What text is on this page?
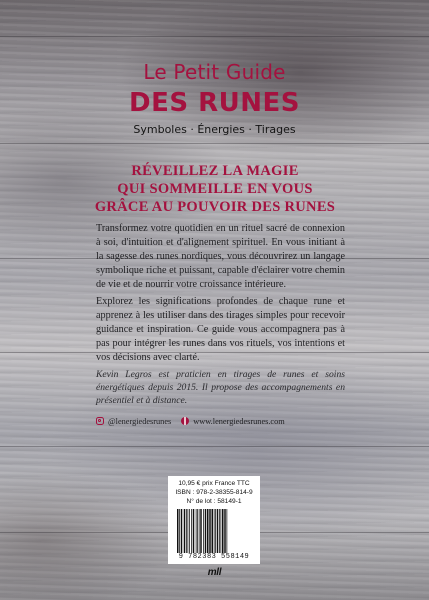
Le Petit Guide
DES RUNES
Symboles · Énergies · Tirages
RÉVEILLEZ LA MAGIE
QUI SOMMEILLE EN VOUS
GRÂCE AU POUVOIR DES RUNES

Transformez votre quotidien en un rituel sacré de connexion à soi, d'intuition et d'alignement spirituel. En vous initiant à la sagesse des runes nordiques, vous découvrirez un langage symbolique riche et puissant, capable d'éclairer votre chemin de vie et de nourrir votre croissance intérieure.

Explorez les significations profondes de chaque rune et apprenez à les utiliser dans des tirages simples pour recevoir guidance et inspiration. Ce guide vous accompagnera pas à pas pour intégrer les runes dans vos rituels, vos intentions et vos décisions avec clarté.

Kevin Legros est praticien en tirages de runes et soins énergétiques depuis 2015. Il propose des accompagnements en présentiel et à distance.
@lenergiedesrunes	www.lenergiedesrunes.com
10,95 € prix France TTC
ISBN : 978-2-38355-814-9
N° de lot : 58149-1
9 782383 558149
mll
